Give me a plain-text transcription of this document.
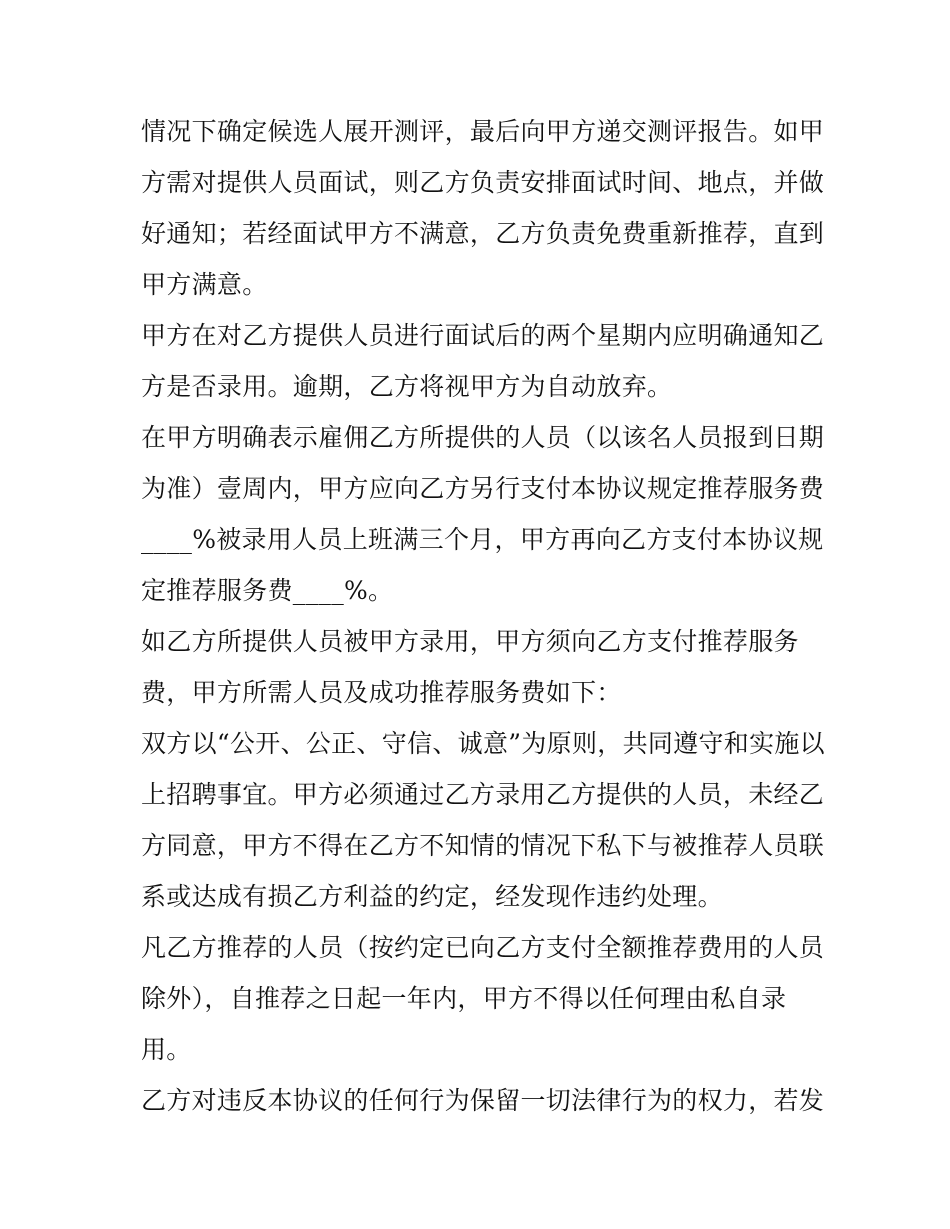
情况下确定候选人展开测评，最后向甲方递交测评报告。如甲
方需对提供人员面试，则乙方负责安排面试时间、地点，并做
好通知；若经面试甲方不满意，乙方负责免费重新推荐，直到
甲方满意。
甲方在对乙方提供人员进行面试后的两个星期内应明确通知乙
方是否录用。逾期，乙方将视甲方为自动放弃。
在甲方明确表示雇佣乙方所提供的人员（以该名人员报到日期
为准）壹周内，甲方应向乙方另行支付本协议规定推荐服务费
____%被录用人员上班满三个月，甲方再向乙方支付本协议规
定推荐服务费____%。
如乙方所提供人员被甲方录用，甲方须向乙方支付推荐服务
费，甲方所需人员及成功推荐服务费如下：
双方以“公开、公正、守信、诚意”为原则，共同遵守和实施以
上招聘事宜。甲方必须通过乙方录用乙方提供的人员，未经乙
方同意，甲方不得在乙方不知情的情况下私下与被推荐人员联
系或达成有损乙方利益的约定，经发现作违约处理。
凡乙方推荐的人员（按约定已向乙方支付全额推荐费用的人员
除外），自推荐之日起一年内，甲方不得以任何理由私自录
用。
乙方对违反本协议的任何行为保留一切法律行为的权力，若发
